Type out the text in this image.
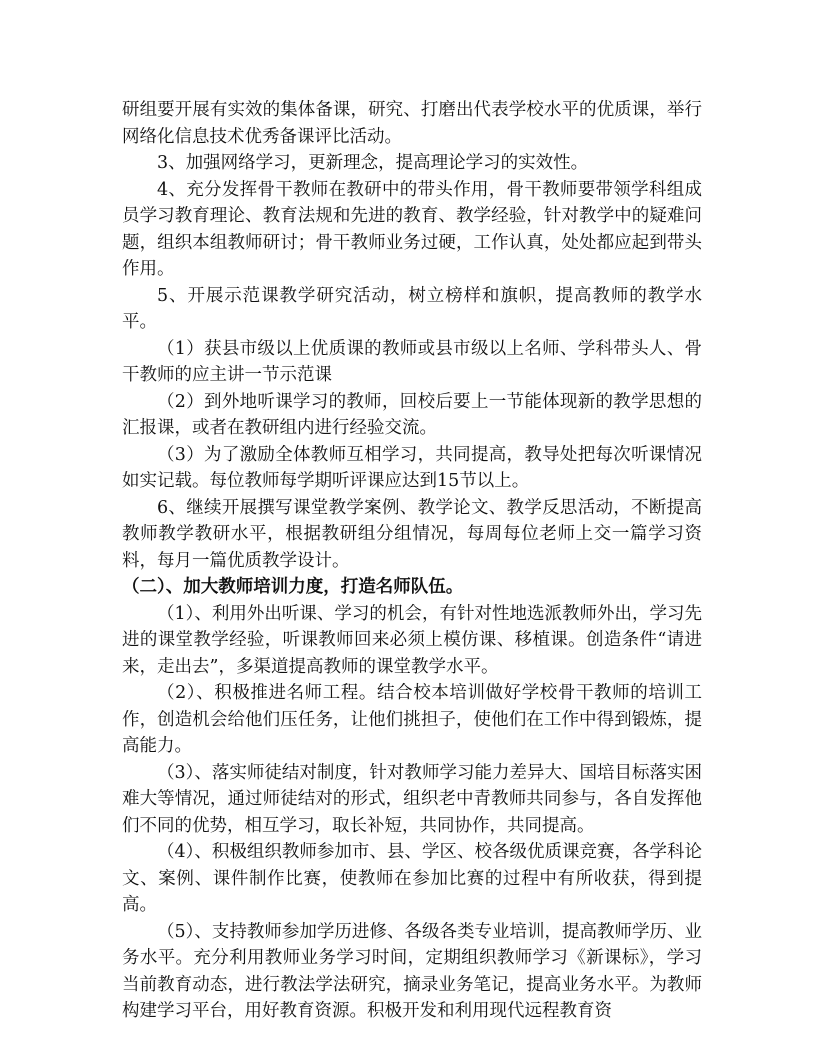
研组要开展有实效的集体备课，研究、打磨出代表学校水平的优质课，举行网络化信息技术优秀备课评比活动。

3、加强网络学习，更新理念，提高理论学习的实效性。

4、充分发挥骨干教师在教研中的带头作用，骨干教师要带领学科组成员学习教育理论、教育法规和先进的教育、教学经验，针对教学中的疑难问题，组织本组教师研讨；骨干教师业务过硬，工作认真，处处都应起到带头作用。

5、开展示范课教学研究活动，树立榜样和旗帜，提高教师的教学水平。

（1）获县市级以上优质课的教师或县市级以上名师、学科带头人、骨干教师的应主讲一节示范课

（2）到外地听课学习的教师，回校后要上一节能体现新的教学思想的汇报课，或者在教研组内进行经验交流。

（3）为了激励全体教师互相学习，共同提高，教导处把每次听课情况如实记载。每位教师每学期听评课应达到15节以上。

6、继续开展撰写课堂教学案例、教学论文、教学反思活动，不断提高教师教学教研水平，根据教研组分组情况，每周每位老师上交一篇学习资料，每月一篇优质教学设计。

（二）、加大教师培训力度，打造名师队伍。

（1）、利用外出听课、学习的机会，有针对性地选派教师外出，学习先进的课堂教学经验，听课教师回来必须上模仿课、移植课。创造条件“请进来，走出去”，多渠道提高教师的课堂教学水平。

（2）、积极推进名师工程。结合校本培训做好学校骨干教师的培训工作，创造机会给他们压任务，让他们挑担子，使他们在工作中得到锻炼，提高能力。

（3）、落实师徒结对制度，针对教师学习能力差异大、国培目标落实困难大等情况，通过师徒结对的形式，组织老中青教师共同参与，各自发挥他们不同的优势，相互学习，取长补短，共同协作，共同提高。

（4）、积极组织教师参加市、县、学区、校各级优质课竞赛，各学科论文、案例、课件制作比赛，使教师在参加比赛的过程中有所收获，得到提高。

（5）、支持教师参加学历进修、各级各类专业培训，提高教师学历、业务水平。充分利用教师业务学习时间，定期组织教师学习《新课标》，学习当前教育动态，进行教法学法研究，摘录业务笔记，提高业务水平。为教师构建学习平台，用好教育资源。积极开发和利用现代远程教育资
